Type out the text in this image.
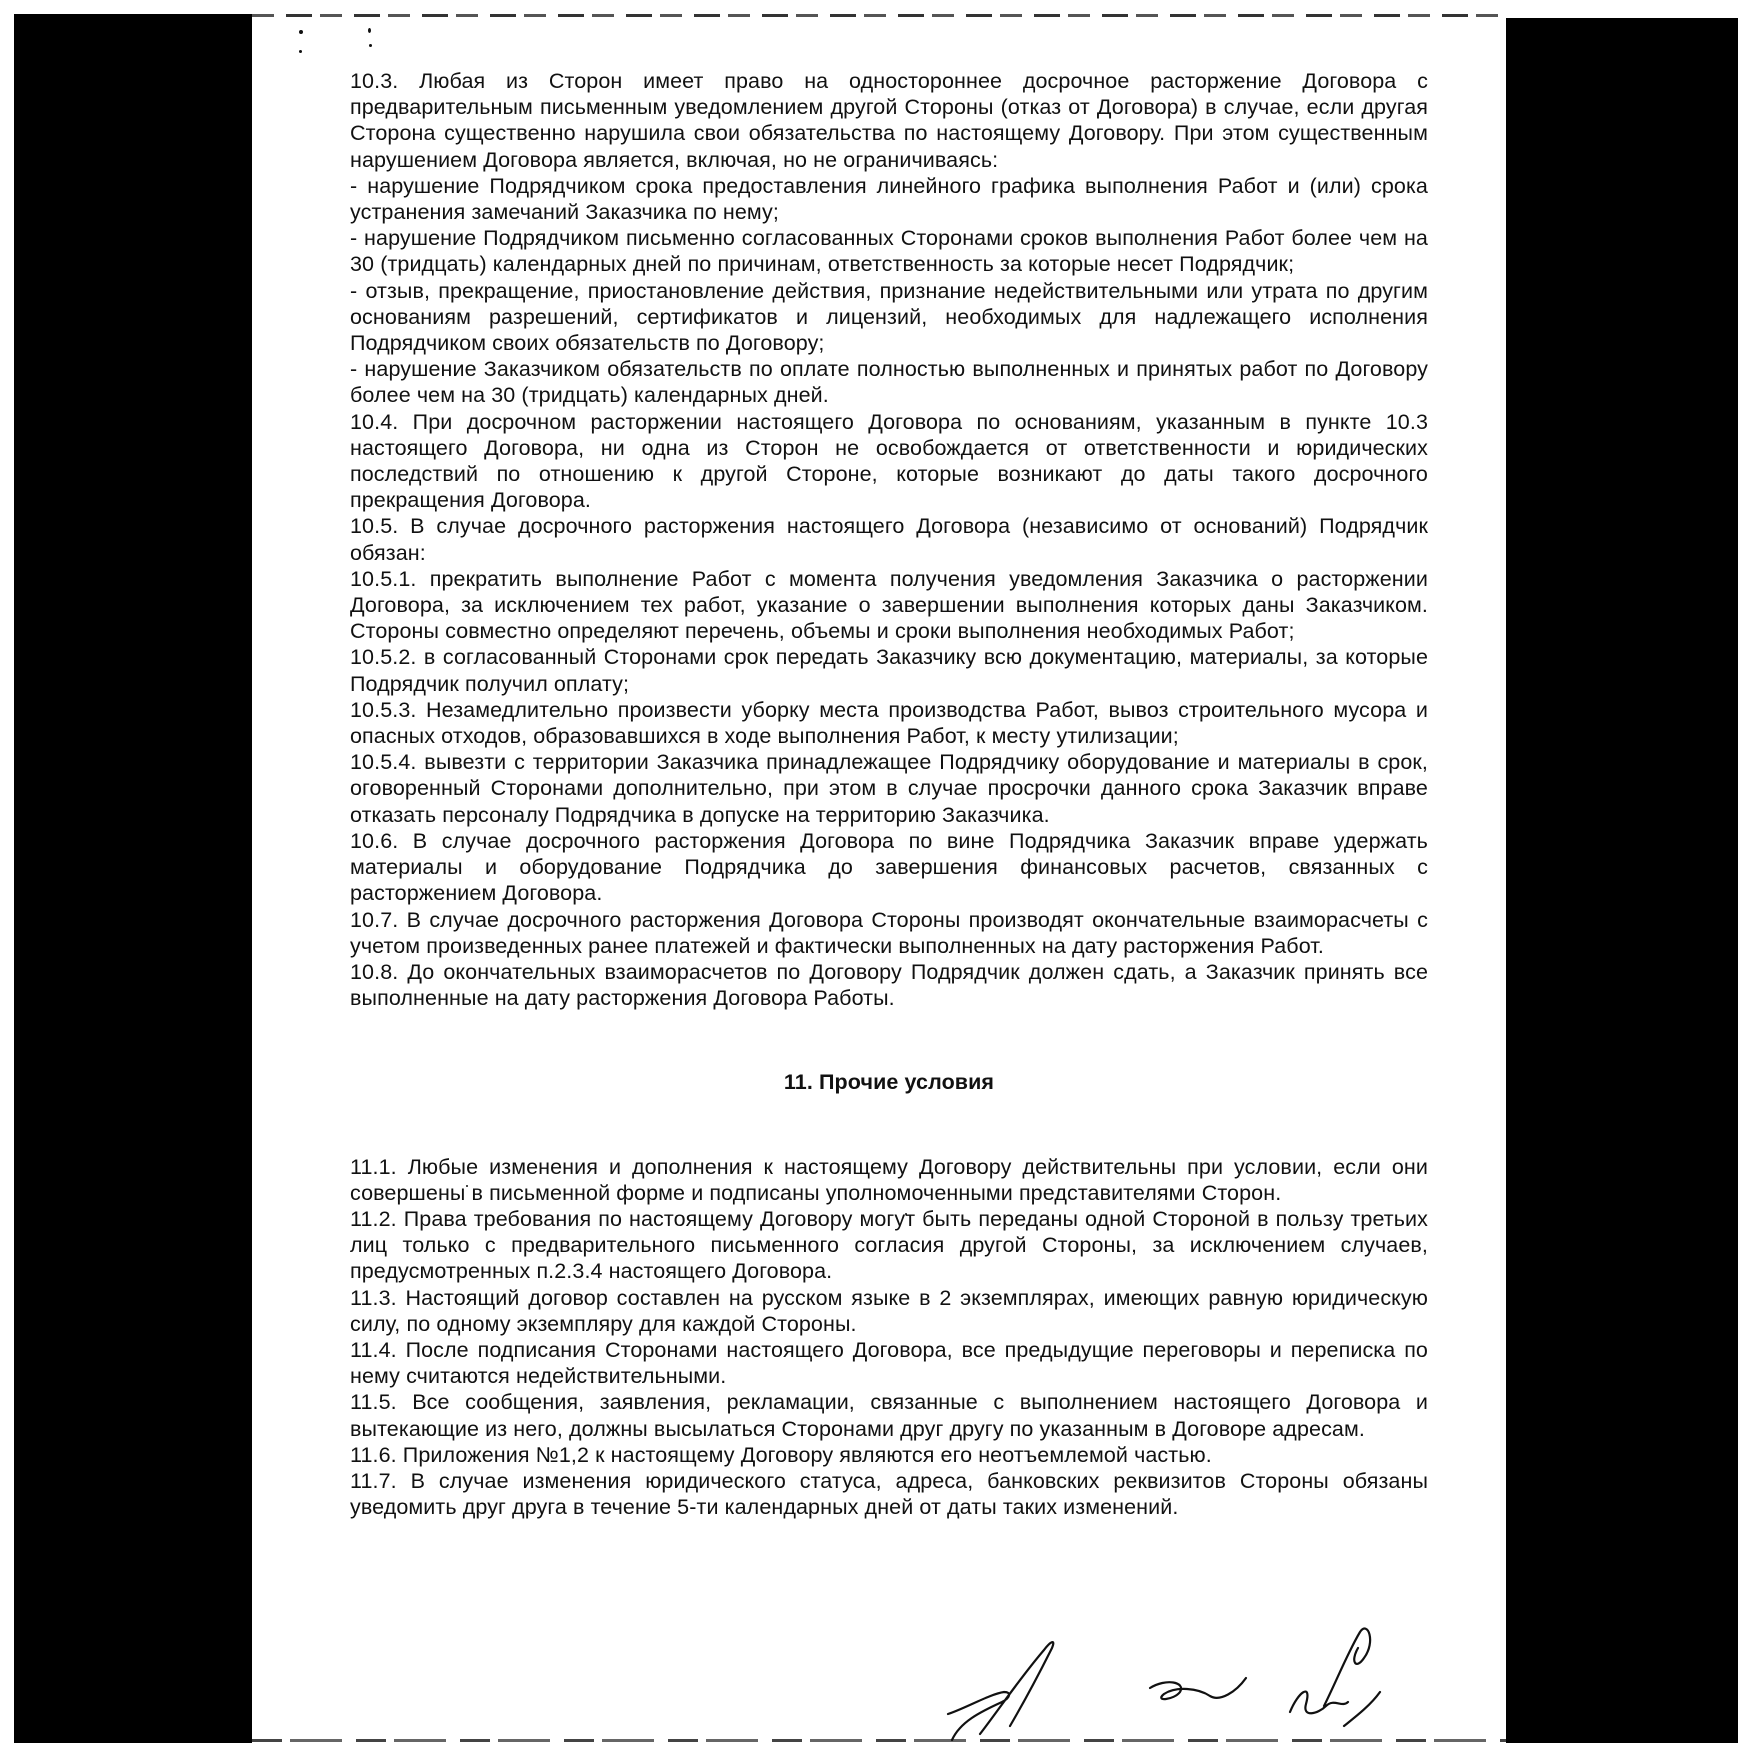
10.3. Любая из Сторон имеет право на одностороннее досрочное расторжение Договора с предварительным письменным уведомлением другой Стороны (отказ от Договора) в случае, если другая Сторона существенно нарушила свои обязательства по настоящему Договору. При этом существенным нарушением Договора является, включая, но не ограничиваясь:

- нарушение Подрядчиком срока предоставления линейного графика выполнения Работ и (или) срока устранения замечаний Заказчика по нему;

- нарушение Подрядчиком письменно согласованных Сторонами сроков выполнения Работ более чем на 30 (тридцать) календарных дней по причинам, ответственность за которые несет Подрядчик;

- отзыв, прекращение, приостановление действия, признание недействительными или утрата по другим основаниям разрешений, сертификатов и лицензий, необходимых для надлежащего исполнения Подрядчиком своих обязательств по Договору;

- нарушение Заказчиком обязательств по оплате полностью выполненных и принятых работ по Договору более чем на 30 (тридцать) календарных дней.

10.4. При досрочном расторжении настоящего Договора по основаниям, указанным в пункте 10.3 настоящего Договора, ни одна из Сторон не освобождается от ответственности и юридических последствий по отношению к другой Стороне, которые возникают до даты такого досрочного прекращения Договора.

10.5. В случае досрочного расторжения настоящего Договора (независимо от оснований) Подрядчик обязан:

10.5.1. прекратить выполнение Работ с момента получения уведомления Заказчика о расторжении Договора, за исключением тех работ, указание о завершении выполнения которых даны Заказчиком. Стороны совместно определяют перечень, объемы и сроки выполнения необходимых Работ;

10.5.2. в согласованный Сторонами срок передать Заказчику всю документацию, материалы, за которые Подрядчик получил оплату;

10.5.3. Незамедлительно произвести уборку места производства Работ, вывоз строительного мусора и опасных отходов, образовавшихся в ходе выполнения Работ, к месту утилизации;

10.5.4. вывезти с территории Заказчика принадлежащее Подрядчику оборудование и материалы в срок, оговоренный Сторонами дополнительно, при этом в случае просрочки данного срока Заказчик вправе отказать персоналу Подрядчика в допуске на территорию Заказчика.

10.6. В случае досрочного расторжения Договора по вине Подрядчика Заказчик вправе удержать материалы и оборудование Подрядчика до завершения финансовых расчетов, связанных с расторжением Договора.

10.7. В случае досрочного расторжения Договора Стороны производят окончательные взаиморасчеты с учетом произведенных ранее платежей и фактически выполненных на дату расторжения Работ.

10.8. До окончательных взаиморасчетов по Договору Подрядчик должен сдать, а Заказчик принять все выполненные на дату расторжения Договора Работы.

11. Прочие условия

11.1. Любые изменения и дополнения к настоящему Договору действительны при условии, если они совершены в письменной форме и подписаны уполномоченными представителями Сторон.

11.2. Права требования по настоящему Договору могут быть переданы одной Стороной в пользу третьих лиц только с предварительного письменного согласия другой Стороны, за исключением случаев, предусмотренных п.2.3.4 настоящего Договора.

11.3. Настоящий договор составлен на русском языке в 2 экземплярах, имеющих равную юридическую силу, по одному экземпляру для каждой Стороны.

11.4. После подписания Сторонами настоящего Договора, все предыдущие переговоры и переписка по нему считаются недействительными.

11.5. Все сообщения, заявления, рекламации, связанные с выполнением настоящего Договора и вытекающие из него, должны высылаться Сторонами друг другу по указанным в Договоре адресам.

11.6. Приложения №1,2 к настоящему Договору являются его неотъемлемой частью.

11.7. В случае изменения юридического статуса, адреса, банковских реквизитов Стороны обязаны уведомить друг друга в течение 5-ти календарных дней от даты таких изменений.
